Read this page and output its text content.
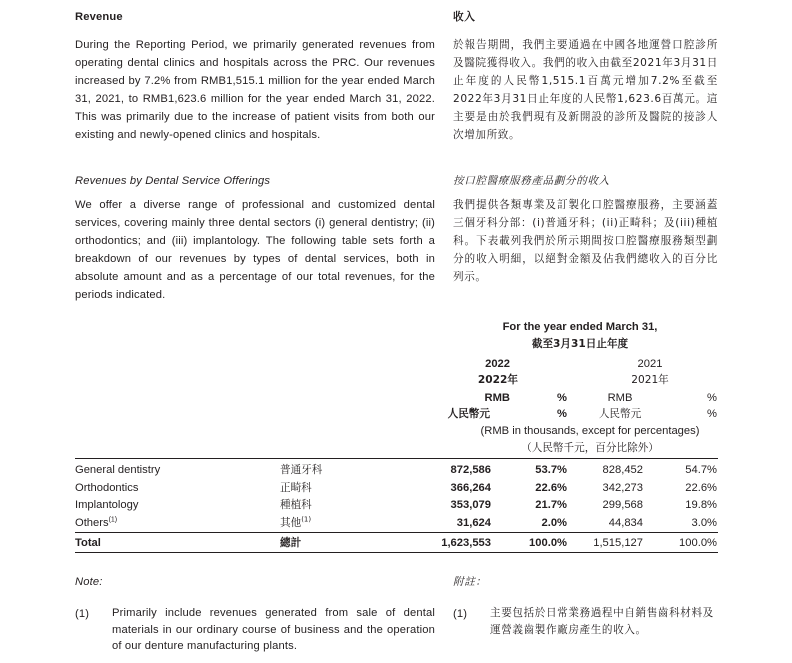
Revenue	收入
During the Reporting Period, we primarily generated revenues from operating dental clinics and hospitals across the PRC. Our revenues increased by 7.2% from RMB1,515.1 million for the year ended March 31, 2021, to RMB1,623.6 million for the year ended March 31, 2022. This was primarily due to the increase of patient visits from both our existing and newly-opened clinics and hospitals.
於報告期間，我們主要通過在中國各地運營口腔診所及醫院獲得收入。我們的收入由截至2021年3月31日止年度的人民幣1,515.1百萬元增加7.2%至截至2022年3月31日止年度的人民幣1,623.6百萬元。這主要是由於我們現有及新開設的診所及醫院的接診人次增加所致。
Revenues by Dental Service Offerings	按口腔醫療服務產品劃分的收入
We offer a diverse range of professional and customized dental services, covering mainly three dental sectors (i) general dentistry; (ii) orthodontics; and (iii) implantology. The following table sets forth a breakdown of our revenues by types of dental services, both in absolute amount and as a percentage of our total revenues, for the periods indicated.
我們提供各類專業及訂製化口腔醫療服務，主要涵蓋三個牙科分部：(i)普通牙科；(ii)正畸科；及(iii)種植科。下表載列我們於所示期間按口腔醫療服務類型劃分的收入明細，以絕對金額及佔我們總收入的百分比列示。
For the year ended March 31,
截至3月31日止年度
2022
2022年
2021
2021年
RMB	%	RMB	%
人民幣元	%	人民幣元	%
(RMB in thousands, except for percentages)
（人民幣千元，百分比除外）
General dentistry	普通牙科	872,586	53.7%	828,452	54.7%
Orthodontics	正畸科	366,264	22.6%	342,273	22.6%
Implantology	種植科	353,079	21.7%	299,568	19.8%
Others$^{(1)}$	其他$^{(1)}$	31,624	2.0%	44,834	3.0%
Total	總計	1,623,553	100.0%	1,515,127	100.0%
Note:	附註：
(1) Primarily include revenues generated from sale of dental materials in our ordinary course of business and the operation of our denture manufacturing plants.
(1) 主要包括於日常業務過程中自銷售齒科材料及運營義齒製作廠房產生的收入。
